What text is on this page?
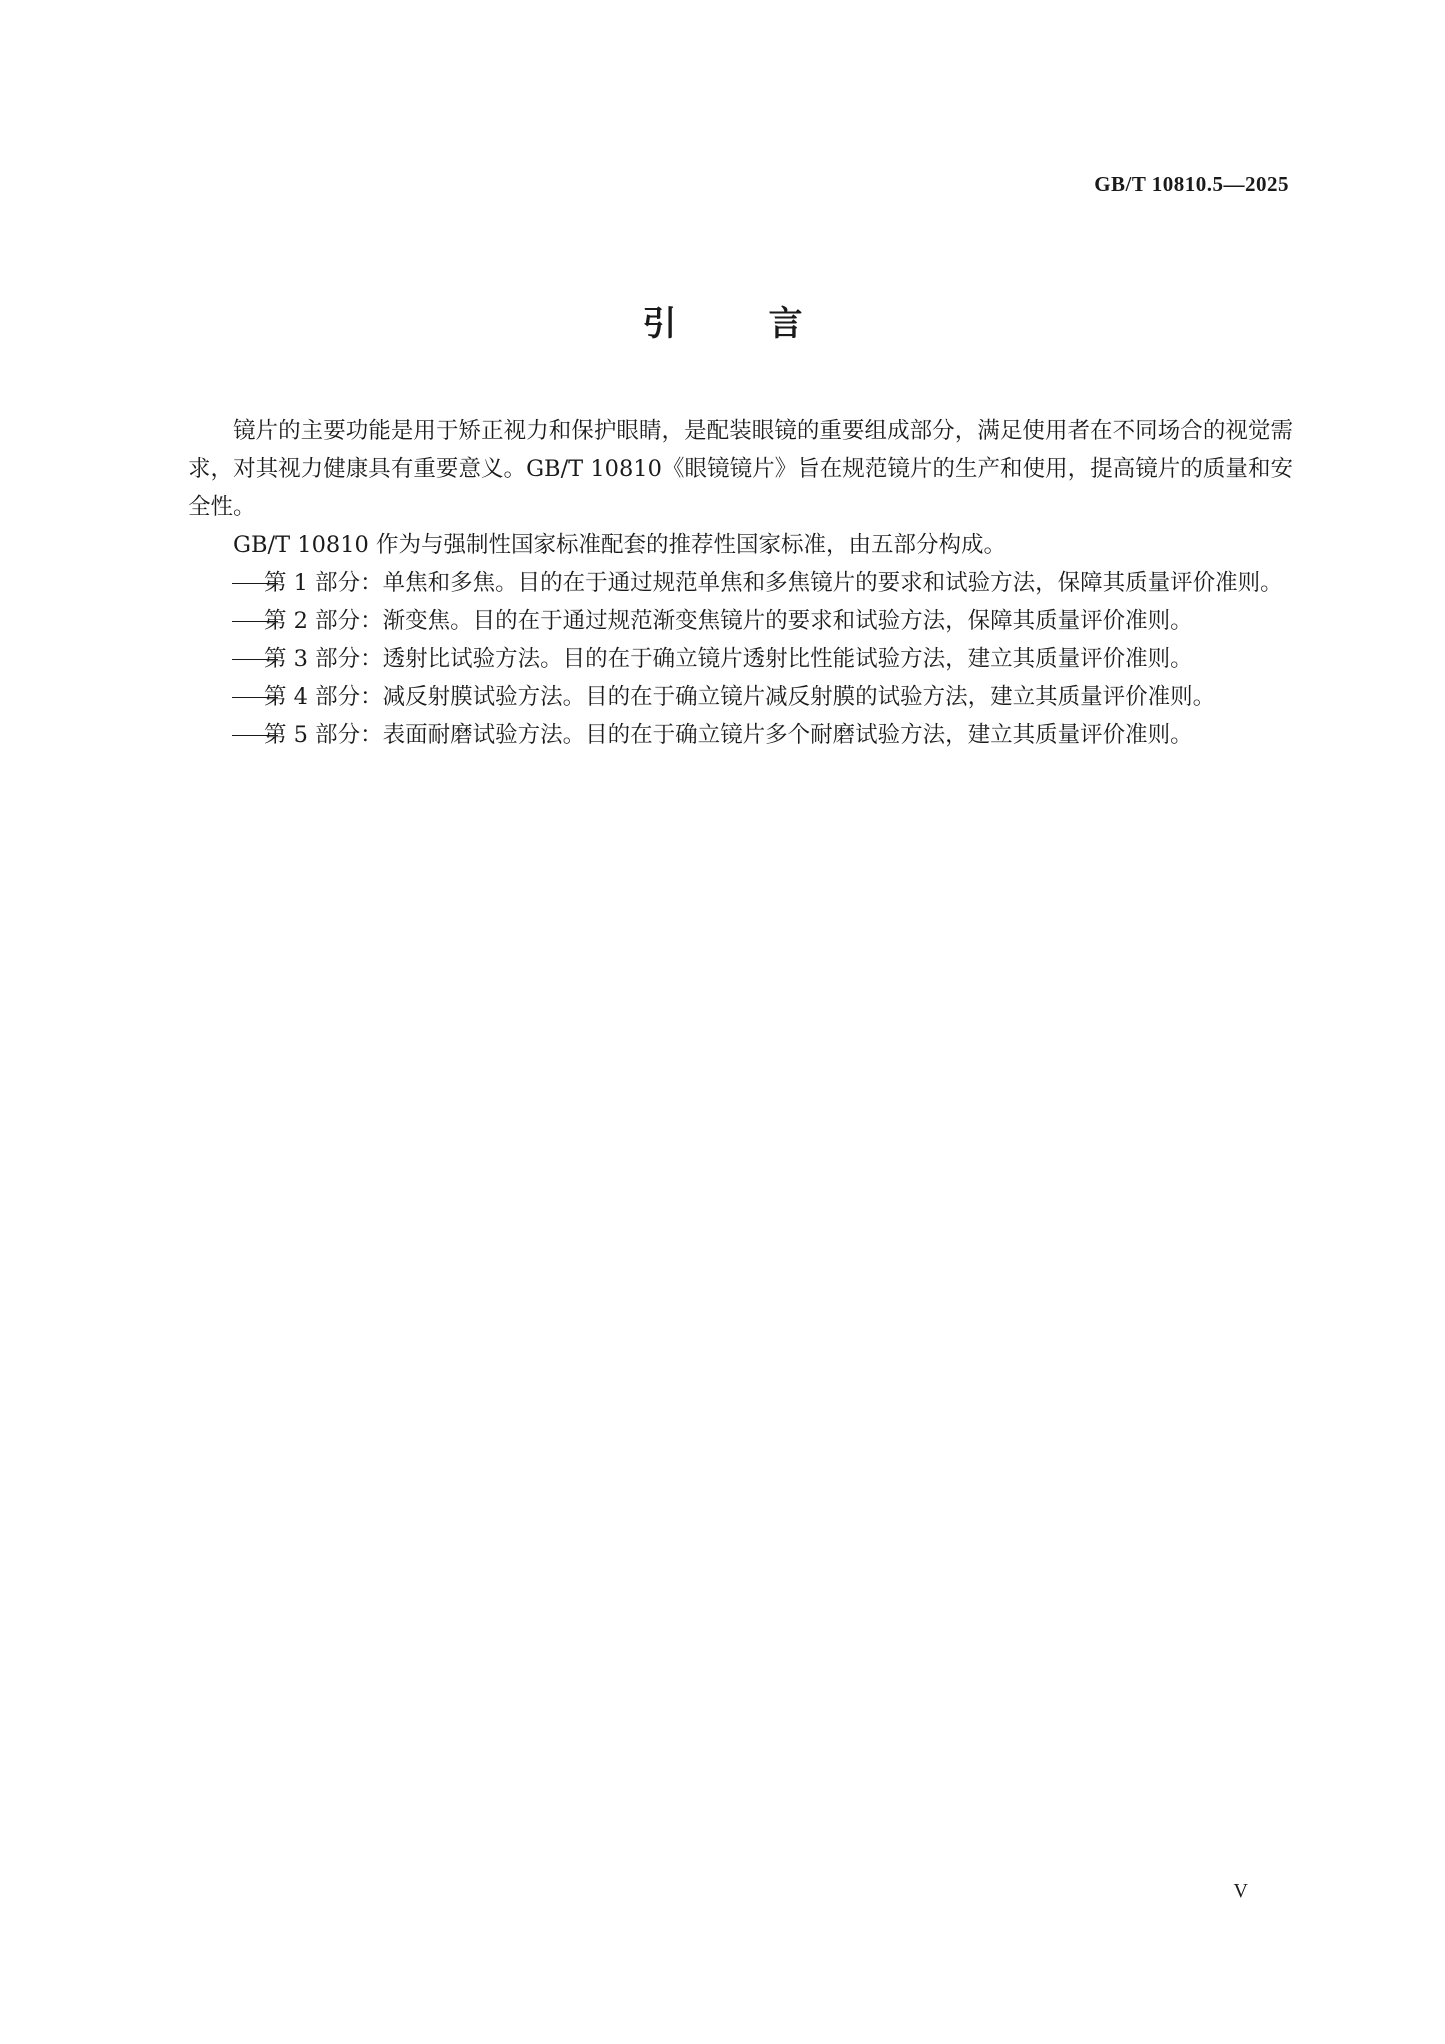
GB/T 10810.5—2025
引	言

镜片的主要功能是用于矫正视力和保护眼睛，是配装眼镜的重要组成部分，满足使用者在不同场合的视觉需求，对其视力健康具有重要意义。GB/T 10810《眼镜镜片》旨在规范镜片的生产和使用，提高镜片的质量和安全性。

GB/T 10810 作为与强制性国家标准配套的推荐性国家标准，由五部分构成。

第 1 部分：单焦和多焦。目的在于通过规范单焦和多焦镜片的要求和试验方法，保障其质量评价准则。

第 2 部分：渐变焦。目的在于通过规范渐变焦镜片的要求和试验方法，保障其质量评价准则。

第 3 部分：透射比试验方法。目的在于确立镜片透射比性能试验方法，建立其质量评价准则。

第 4 部分：减反射膜试验方法。目的在于确立镜片减反射膜的试验方法，建立其质量评价准则。

第 5 部分：表面耐磨试验方法。目的在于确立镜片多个耐磨试验方法，建立其质量评价准则。

V
